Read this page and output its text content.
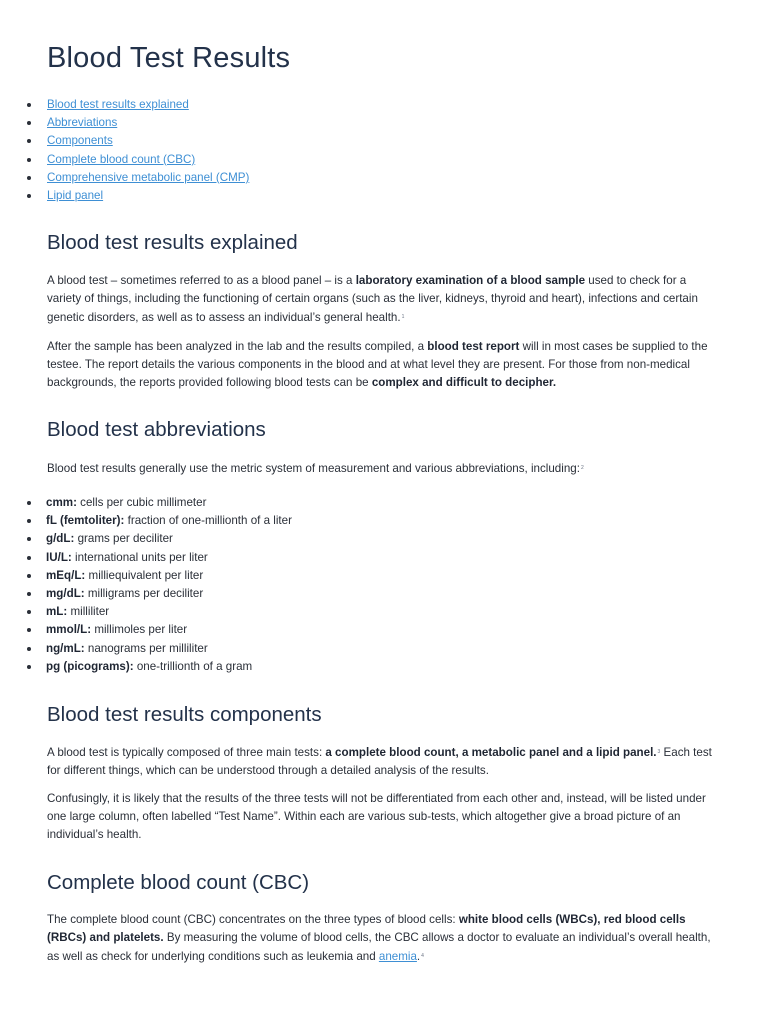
Blood Test Results
Blood test results explained
Abbreviations
Components
Complete blood count (CBC)
Comprehensive metabolic panel (CMP)
Lipid panel
Blood test results explained

A blood test – sometimes referred to as a blood panel – is a laboratory examination of a blood sample used to check for a variety of things, including the functioning of certain organs (such as the liver, kidneys, thyroid and heart), infections and certain genetic disorders, as well as to assess an individual’s general health.$^1$

After the sample has been analyzed in the lab and the results compiled, a blood test report will in most cases be supplied to the testee. The report details the various components in the blood and at what level they are present. For those from non-medical backgrounds, the reports provided following blood tests can be complex and difficult to decipher.

Blood test abbreviations

Blood test results generally use the metric system of measurement and various abbreviations, including:$^2$

cmm: cells per cubic millimeter
fL (femtoliter): fraction of one-millionth of a liter
g/dL: grams per deciliter
IU/L: international units per liter
mEq/L: milliequivalent per liter
mg/dL: milligrams per deciliter
mL: milliliter
mmol/L: millimoles per liter
ng/mL: nanograms per milliliter
pg (picograms): one-trillionth of a gram
Blood test results components

A blood test is typically composed of three main tests: a complete blood count, a metabolic panel and a lipid panel.$^3$ Each test for different things, which can be understood through a detailed analysis of the results.

Confusingly, it is likely that the results of the three tests will not be differentiated from each other and, instead, will be listed under one large column, often labelled “Test Name”. Within each are various sub-tests, which altogether give a broad picture of an individual’s health.

Complete blood count (CBC)

The complete blood count (CBC) concentrates on the three types of blood cells: white blood cells (WBCs), red blood cells (RBCs) and platelets. By measuring the volume of blood cells, the CBC allows a doctor to evaluate an individual’s overall health, as well as check for underlying conditions such as leukemia and anemia.$^4$
